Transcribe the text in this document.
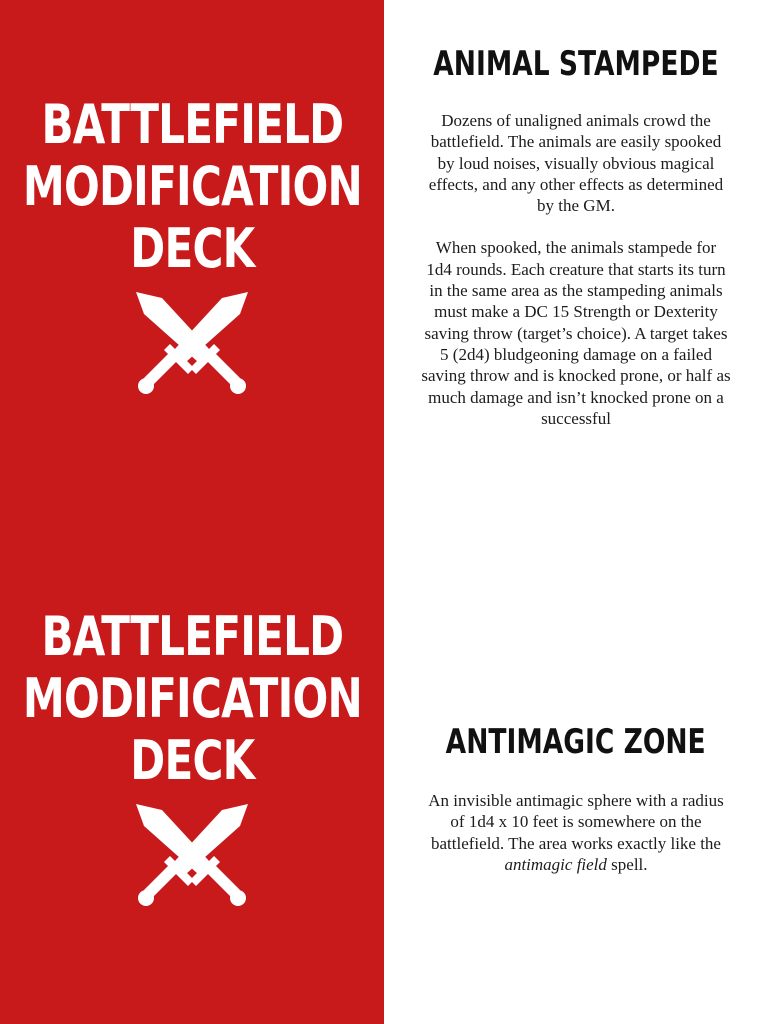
BATTLEFIELD
MODIFICATION
DECK
BATTLEFIELD
MODIFICATION
DECK
ANIMAL STAMPEDE

Dozens of unaligned animals crowd the battlefield. The animals are easily spooked by loud noises, visually obvious magical effects, and any other effects as determined by the GM.

When spooked, the animals stampede for 1d4 rounds. Each creature that starts its turn in the same area as the stampeding animals must make a DC 15 Strength or Dexterity saving throw (target’s choice). A target takes 5 (2d4) bludgeoning damage on a failed saving throw and is knocked prone, or half as much damage and isn’t knocked prone on a successful

ANTIMAGIC ZONE

An invisible antimagic sphere with a radius of 1d4 x 10 feet is somewhere on the battlefield. The area works exactly like the antimagic field spell.
